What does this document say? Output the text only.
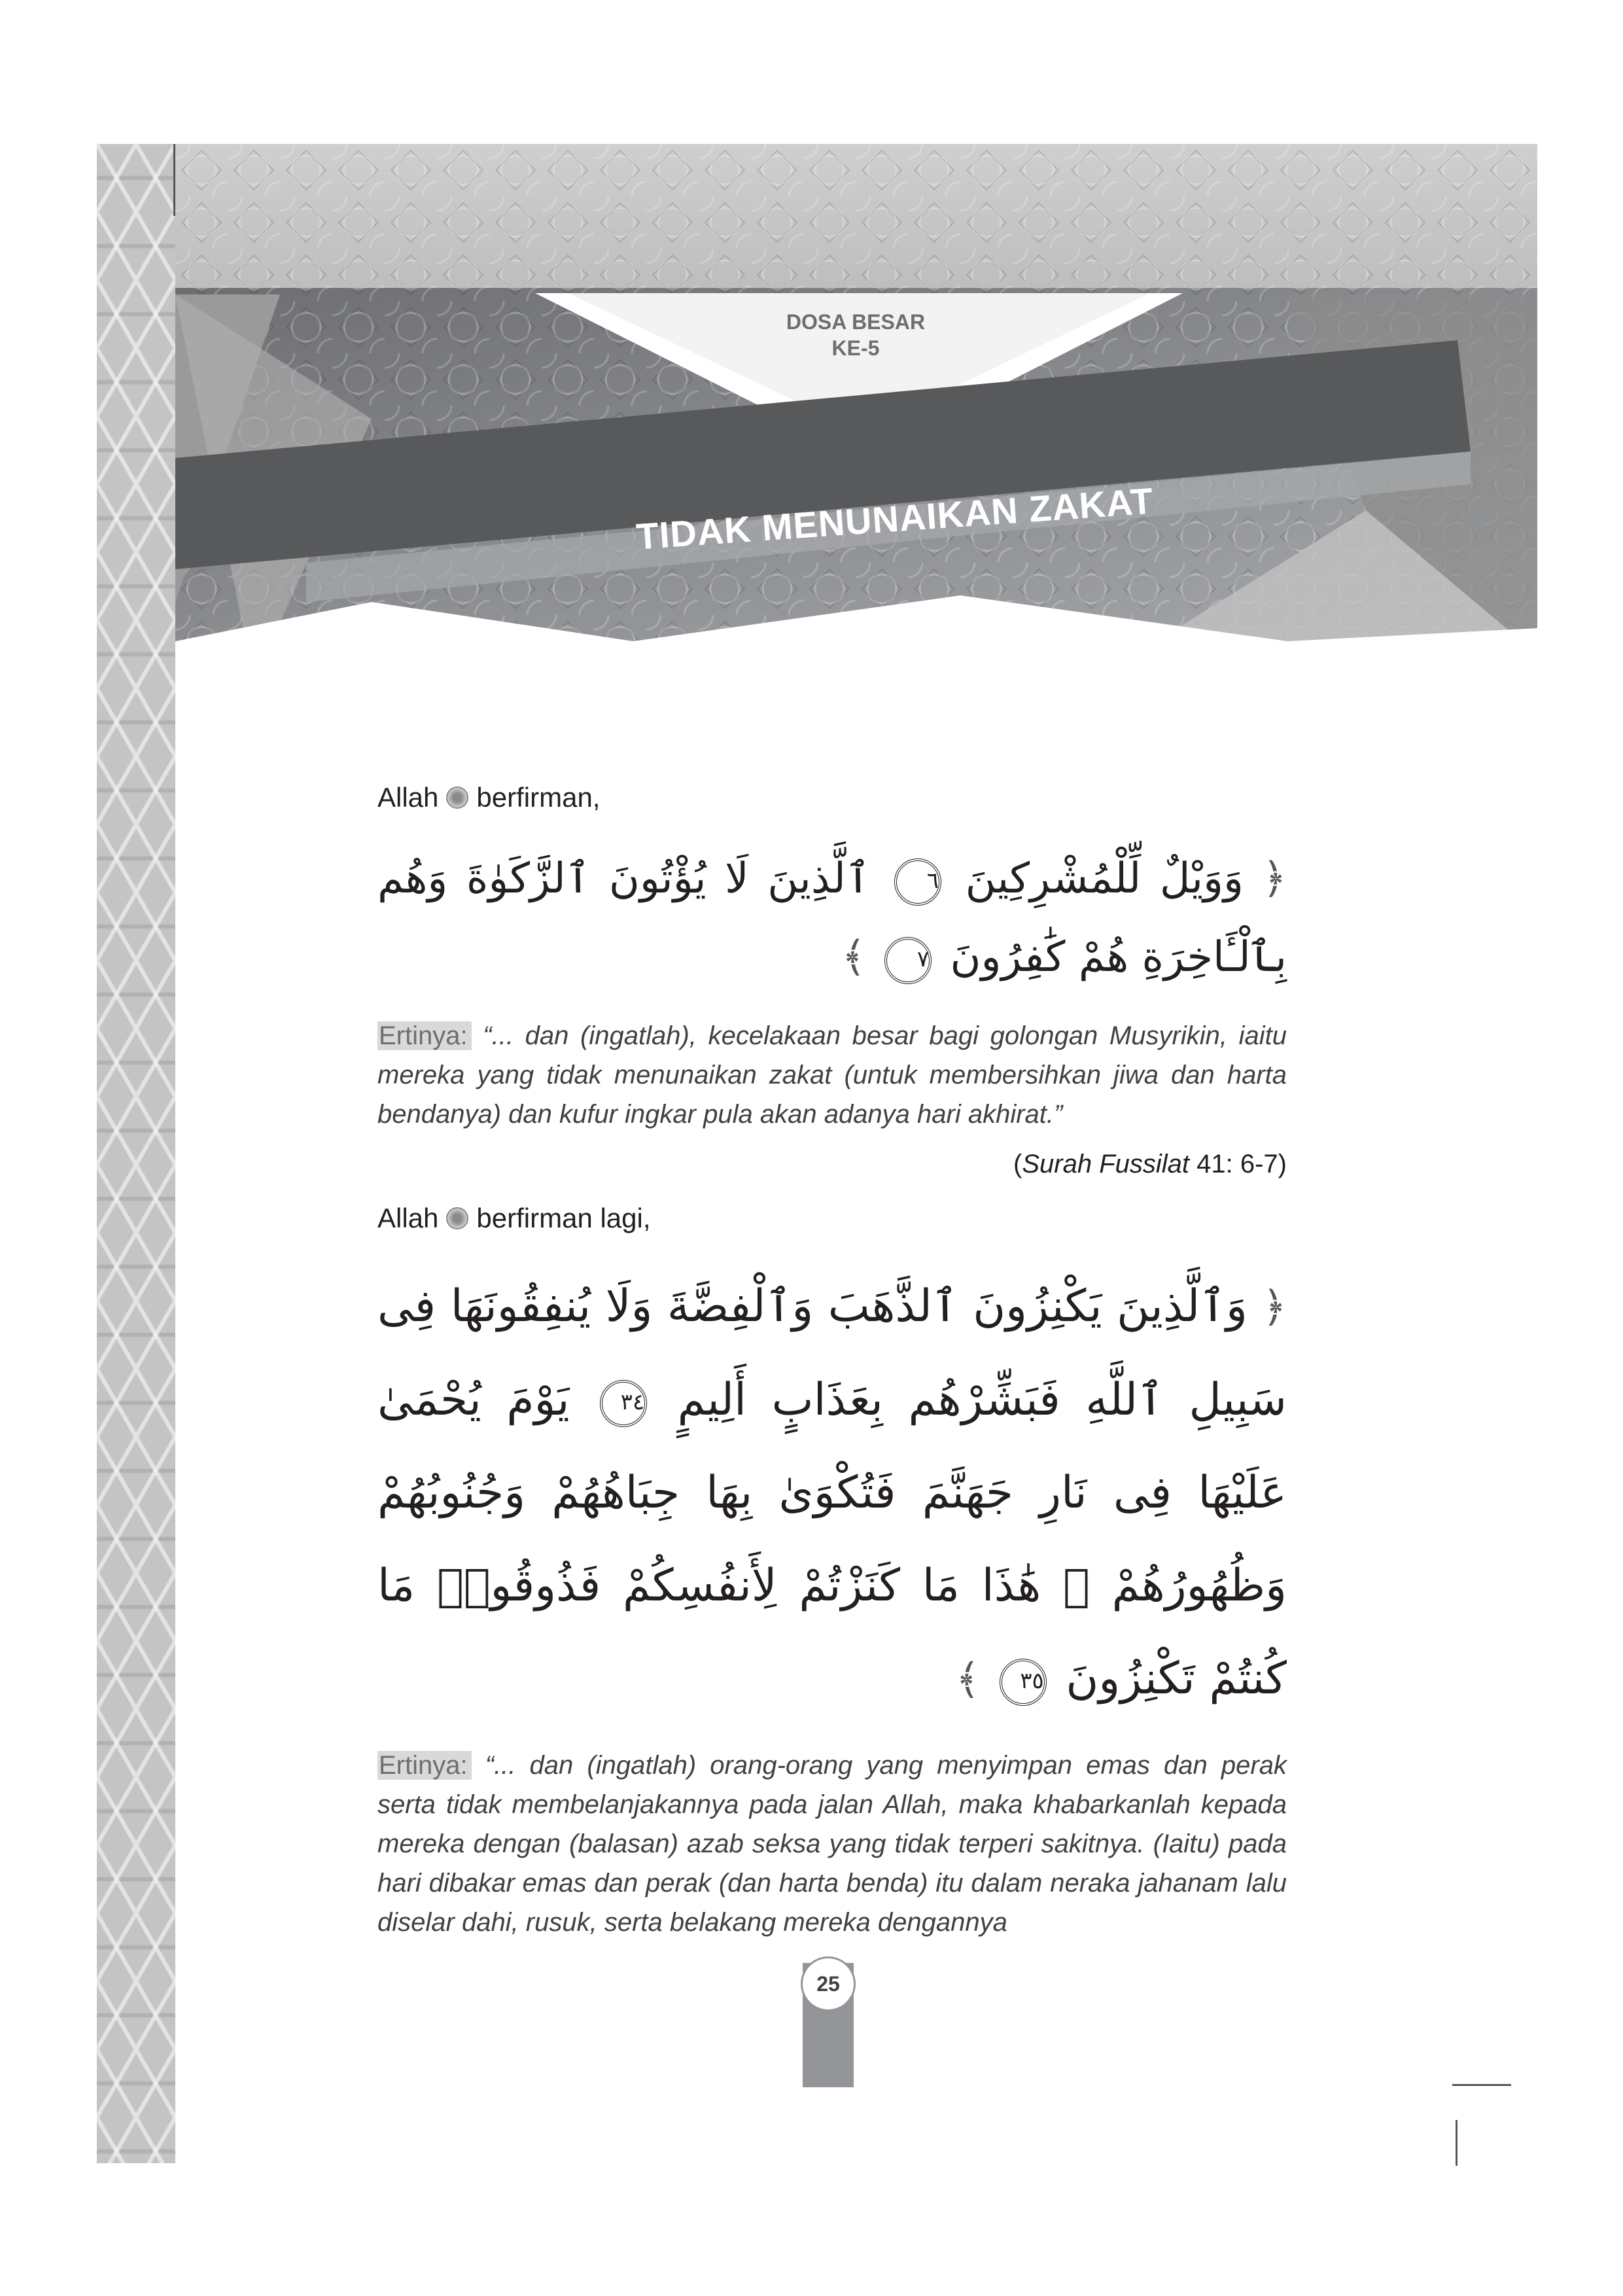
DOSA BESAR
KE-5
TIDAK MENUNAIKAN ZAKAT
Allah berfirman,
﴿ وَوَيْلٌ لِّلْمُشْرِكِينَ ٦ ٱلَّذِينَ لَا يُؤْتُونَ ٱلزَّكَوٰةَ وَهُم بِٱلْـَٔاخِرَةِ هُمْ كَٰفِرُونَ ٧ ﴾
Ertinya: “... dan (ingatlah), kecelakaan besar bagi golongan Musyrikin, iaitu mereka yang tidak menunaikan zakat (untuk membersihkan jiwa dan harta bendanya) dan kufur ingkar pula akan adanya hari akhirat.”
(Surah Fussilat 41: 6-7)
Allah berfirman lagi,
﴿ وَٱلَّذِينَ يَكْنِزُونَ ٱلذَّهَبَ وَٱلْفِضَّةَ وَلَا يُنفِقُونَهَا فِى سَبِيلِ ٱللَّهِ فَبَشِّرْهُم بِعَذَابٍ أَلِيمٍ ٣٤ يَوْمَ يُحْمَىٰ عَلَيْهَا فِى نَارِ جَهَنَّمَ فَتُكْوَىٰ بِهَا جِبَاهُهُمْ وَجُنُوبُهُمْ وَظُهُورُهُمْ ۖ هَٰذَا مَا كَنَزْتُمْ لِأَنفُسِكُمْ فَذُوقُوا۟ مَا كُنتُمْ تَكْنِزُونَ ٣٥ ﴾
Ertinya: “... dan (ingatlah) orang-orang yang menyimpan emas dan perak serta tidak membelanjakannya pada jalan Allah, maka khabarkanlah kepada mereka dengan (balasan) azab seksa yang tidak terperi sakitnya. (Iaitu) pada hari dibakar emas dan perak (dan harta benda) itu dalam neraka jahanam lalu diselar dahi, rusuk, serta belakang mereka dengannya
25
